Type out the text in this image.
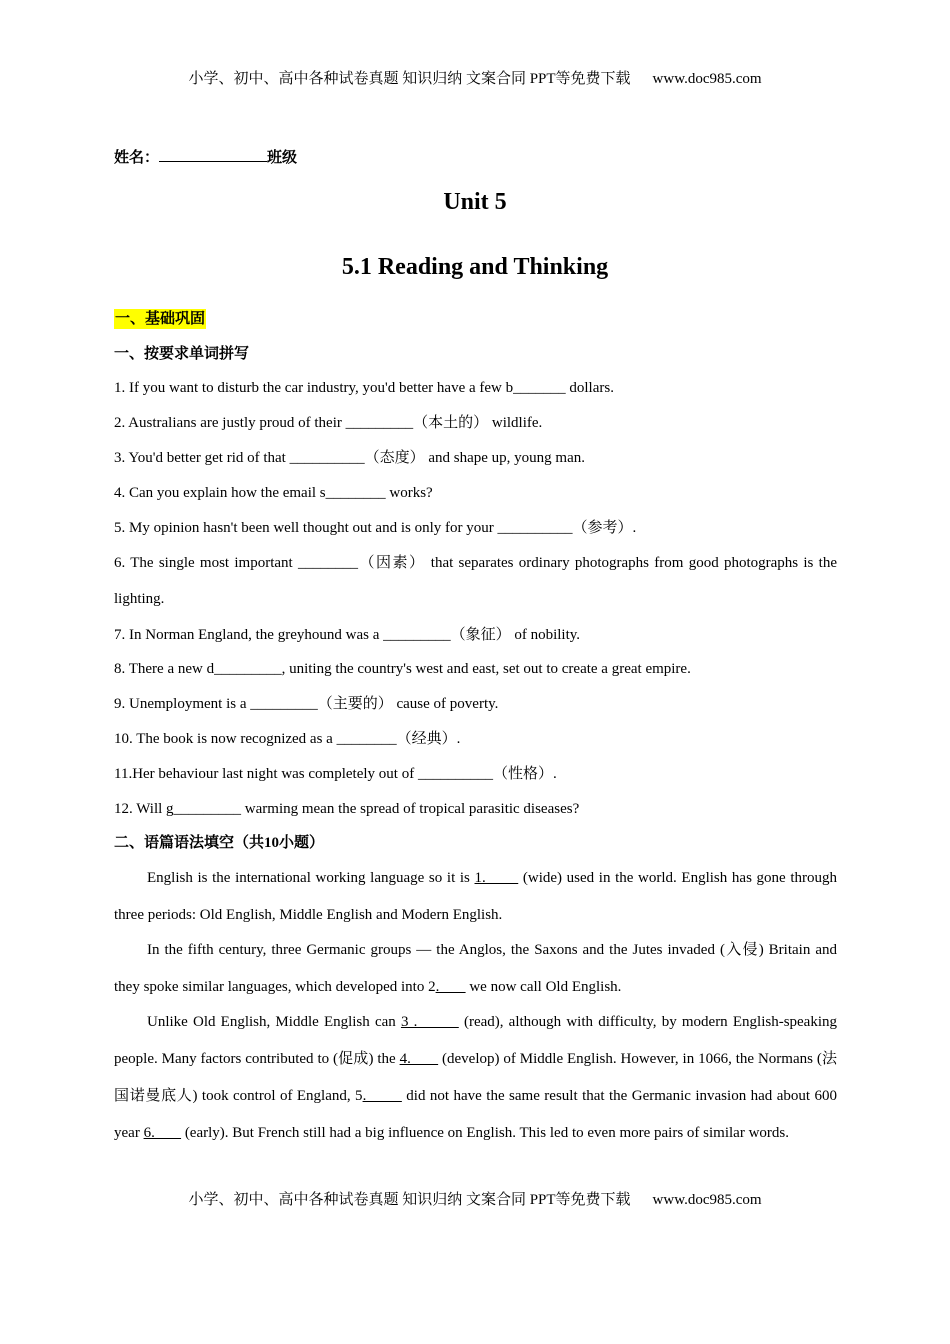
小学、初中、高中各种试卷真题 知识归纳 文案合同 PPT等免费下载 www.doc985.com
姓名：	班级
Unit 5
5.1 Reading and Thinking
一、基础巩固
一、按要求单词拼写
1. If you want to disturb the car industry, you'd better have a few b_______ dollars.
2. Australians are justly proud of their _________（本土的） wildlife.
3. You'd better get rid of that __________（态度） and shape up, young man.
4. Can you explain how the email s________ works?
5. My opinion hasn't been well thought out and is only for your __________（参考）.
6. The single most important ________（因素） that separates ordinary photographs from good photographs is the lighting.
7. In Norman England, the greyhound was a _________（象征） of nobility.
8. There a new d_________, uniting the country's west and east, set out to create a great empire.
9. Unemployment is a _________（主要的） cause of poverty.
10. The book is now recognized as a ________（经典）.
11.Her behaviour last night was completely out of __________（性格）.
12. Will g_________ warming mean the spread of tropical parasitic diseases?
二、语篇语法填空（共10小题）
English is the international working language so it is 1.        (wide) used in the world. English has gone through three periods: Old English, Middle English and Modern English.
In the fifth century, three Germanic groups — the Anglos, the Saxons and the Jutes invaded (入侵) Britain and they spoke similar languages, which developed into 2.        we now call Old English.
Unlike Old English, Middle English can 3 .         (read), although with difficulty, by modern English-speaking people. Many factors contributed to (促成) the 4.        (develop) of Middle English. However, in 1066, the Normans (法国诺曼底人) took control of England, 5.         did not have the same result that the Germanic invasion had about 600 year 6.        (early). But French still had a big influence on English. This led to even more pairs of similar words.
小学、初中、高中各种试卷真题 知识归纳 文案合同 PPT等免费下载 www.doc985.com
